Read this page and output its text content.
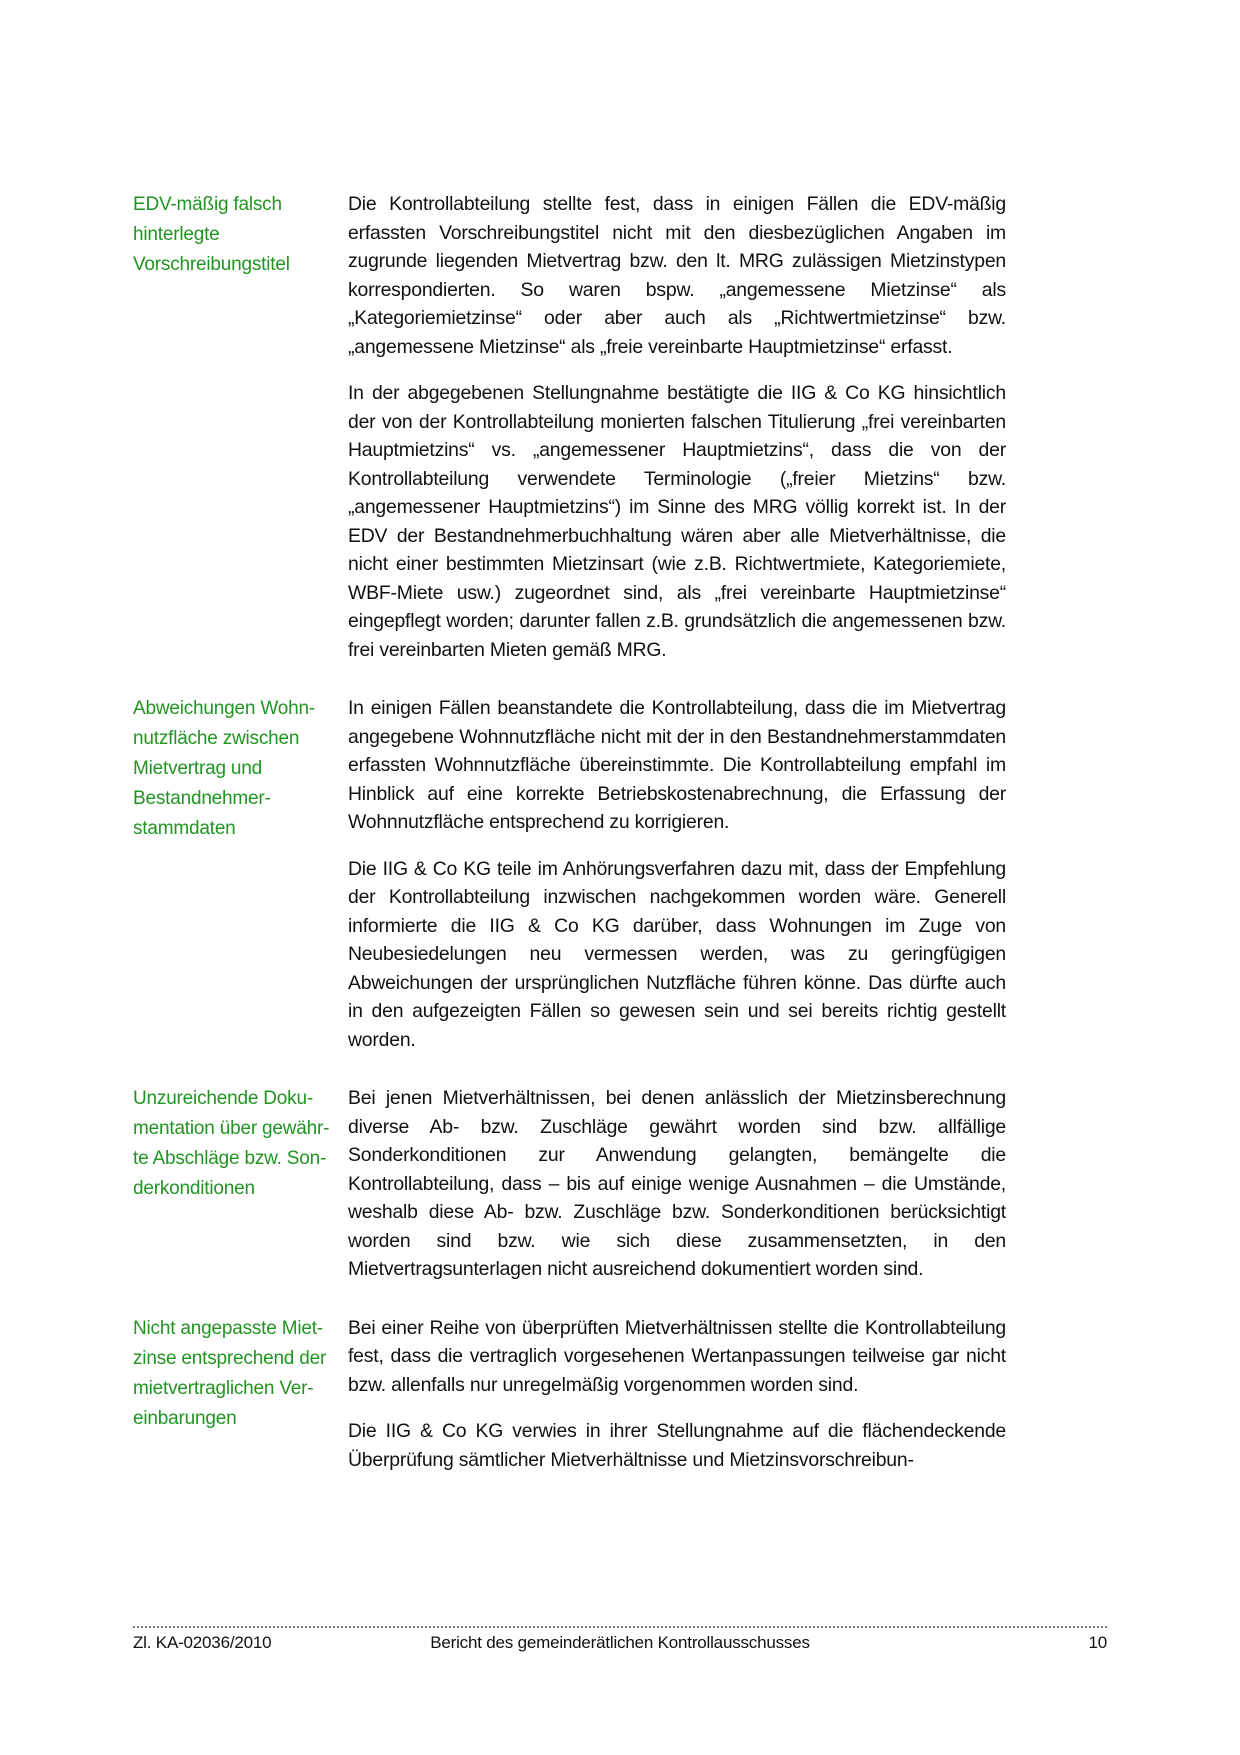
EDV-mäßig falsch
hinterlegte
Vorschreibungstitel

Die Kontrollabteilung stellte fest, dass in einigen Fällen die EDV-mäßig erfassten Vorschreibungstitel nicht mit den diesbezüglichen Angaben im zugrunde liegenden Mietvertrag bzw. den lt. MRG zulässigen Mietzinstypen korrespondierten. So waren bspw. „angemessene Mietzinse“ als „Kategoriemietzinse“ oder aber auch als „Richtwertmietzinse“ bzw. „angemessene Mietzinse“ als „freie vereinbarte Hauptmietzinse“ erfasst.

In der abgegebenen Stellungnahme bestätigte die IIG & Co KG hinsichtlich der von der Kontrollabteilung monierten falschen Titulierung „frei vereinbarten Hauptmietzins“ vs. „angemessener Hauptmietzins“, dass die von der Kontrollabteilung verwendete Terminologie („freier Mietzins“ bzw. „angemessener Hauptmietzins“) im Sinne des MRG völlig korrekt ist. In der EDV der Bestandnehmerbuchhaltung wären aber alle Mietverhältnisse, die nicht einer bestimmten Mietzinsart (wie z.B. Richtwertmiete, Kategoriemiete, WBF-Miete usw.) zugeordnet sind, als „frei vereinbarte Hauptmietzinse“ eingepflegt worden; darunter fallen z.B. grundsätzlich die angemessenen bzw. frei vereinbarten Mieten gemäß MRG.

Abweichungen Wohn-
nutzfläche zwischen
Mietvertrag und
Bestandnehmer-
stammdaten

In einigen Fällen beanstandete die Kontrollabteilung, dass die im Mietvertrag angegebene Wohnnutzfläche nicht mit der in den Bestandnehmerstammdaten erfassten Wohnnutzfläche übereinstimmte. Die Kontrollabteilung empfahl im Hinblick auf eine korrekte Betriebskostenabrechnung, die Erfassung der Wohnnutzfläche entsprechend zu korrigieren.

Die IIG & Co KG teile im Anhörungsverfahren dazu mit, dass der Empfehlung der Kontrollabteilung inzwischen nachgekommen worden wäre. Generell informierte die IIG & Co KG darüber, dass Wohnungen im Zuge von Neubesiedelungen neu vermessen werden, was zu geringfügigen Abweichungen der ursprünglichen Nutzfläche führen könne. Das dürfte auch in den aufgezeigten Fällen so gewesen sein und sei bereits richtig gestellt worden.

Unzureichende Doku-
mentation über gewähr-
te Abschläge bzw. Son-
derkonditionen

Bei jenen Mietverhältnissen, bei denen anlässlich der Mietzinsberechnung diverse Ab- bzw. Zuschläge gewährt worden sind bzw. allfällige Sonderkonditionen zur Anwendung gelangten, bemängelte die Kontrollabteilung, dass – bis auf einige wenige Ausnahmen – die Umstände, weshalb diese Ab- bzw. Zuschläge bzw. Sonderkonditionen berücksichtigt worden sind bzw. wie sich diese zusammensetzten, in den Mietvertragsunterlagen nicht ausreichend dokumentiert worden sind.

Nicht angepasste Miet-
zinse entsprechend der
mietvertraglichen Ver-
einbarungen

Bei einer Reihe von überprüften Mietverhältnissen stellte die Kontrollabteilung fest, dass die vertraglich vorgesehenen Wertanpassungen teilweise gar nicht bzw. allenfalls nur unregelmäßig vorgenommen worden sind.

Die IIG & Co KG verwies in ihrer Stellungnahme auf die flächendeckende Überprüfung sämtlicher Mietverhältnisse und Mietzinsvorschreibun-

Zl. KA-02036/2010	Bericht des gemeinderätlichen Kontrollausschusses	10
